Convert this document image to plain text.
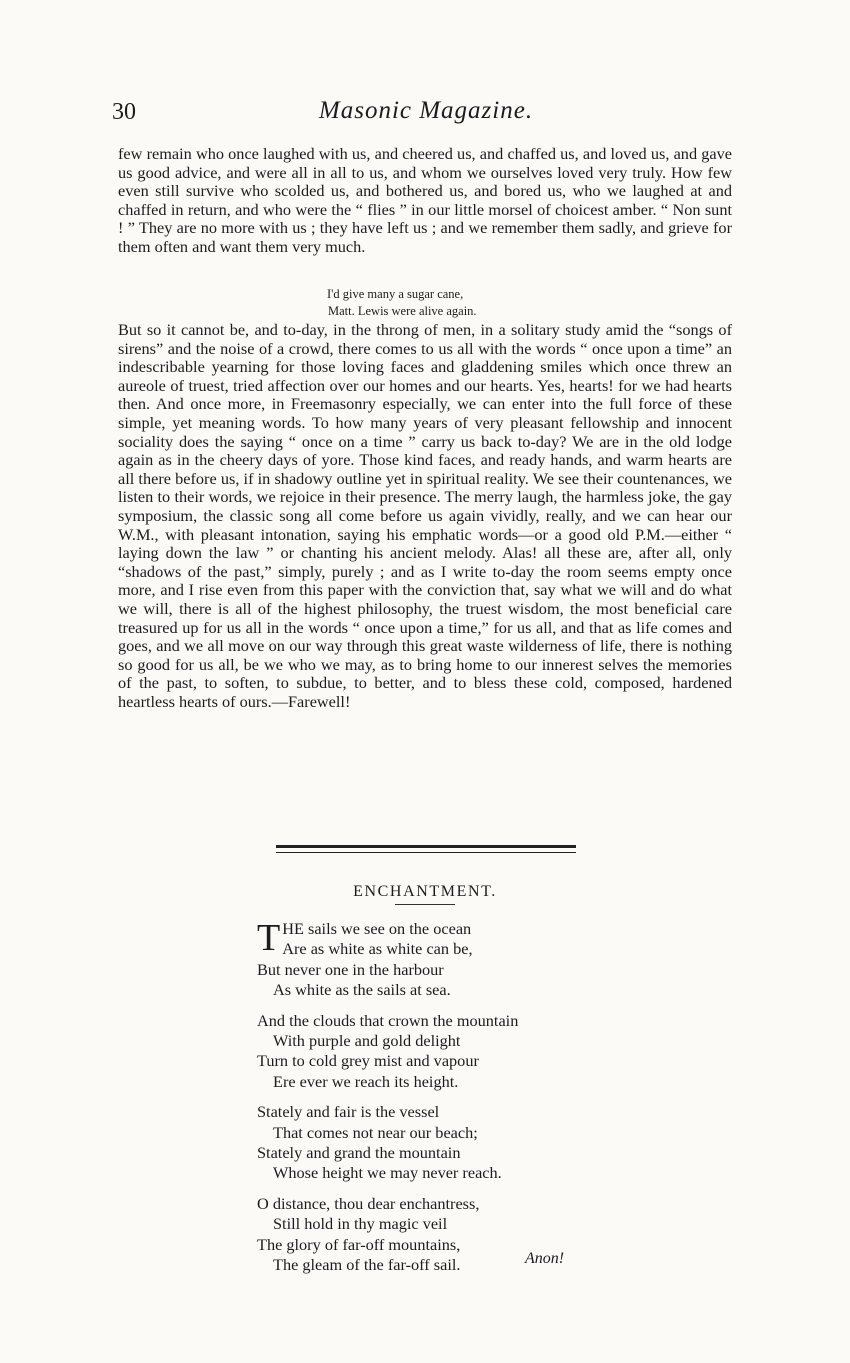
30	Masonic Magazine.

few remain who once laughed with us, and cheered us, and chaffed us, and loved us, and gave us good advice, and were all in all to us, and whom we ourselves loved very truly. How few even still survive who scolded us, and bothered us, and bored us, who we laughed at and chaffed in return, and who were the “ flies ” in our little morsel of choicest amber. “ Non sunt ! ” They are no more with us ; they have left us ; and we remember them sadly, and grieve for them often and want them very much.

I'd give many a sugar cane,
Matt. Lewis were alive again.

But so it cannot be, and to-day, in the throng of men, in a solitary study amid the “songs of sirens” and the noise of a crowd, there comes to us all with the words “ once upon a time” an indescribable yearning for those loving faces and gladdening smiles which once threw an aureole of truest, tried affection over our homes and our hearts. Yes, hearts! for we had hearts then. And once more, in Freemasonry especially, we can enter into the full force of these simple, yet meaning words. To how many years of very pleasant fellowship and innocent sociality does the saying “ once on a time ” carry us back to-day? We are in the old lodge again as in the cheery days of yore. Those kind faces, and ready hands, and warm hearts are all there before us, if in shadowy outline yet in spiritual reality. We see their countenances, we listen to their words, we rejoice in their presence. The merry laugh, the harmless joke, the gay symposium, the classic song all come before us again vividly, really, and we can hear our W.M., with pleasant intonation, saying his emphatic words—or a good old P.M.—either “ laying down the law ” or chanting his ancient melody. Alas! all these are, after all, only “shadows of the past,” simply, purely ; and as I write to-day the room seems empty once more, and I rise even from this paper with the conviction that, say what we will and do what we will, there is all of the highest philosophy, the truest wisdom, the most beneficial care treasured up for us all in the words “ once upon a time,” for us all, and that as life comes and goes, and we all move on our way through this great waste wilderness of life, there is nothing so good for us all, be we who we may, as to bring home to our innerest selves the memories of the past, to soften, to subdue, to better, and to bless these cold, composed, hardened heartless hearts of ours.—Farewell!

ENCHANTMENT.
THE sails we see on the ocean
Are as white as white can be,
But never one in the harbour
As white as the sails at sea.
And the clouds that crown the mountain
With purple and gold delight
Turn to cold grey mist and vapour
Ere ever we reach its height.
Stately and fair is the vessel
That comes not near our beach;
Stately and grand the mountain
Whose height we may never reach.
O distance, thou dear enchantress,
Still hold in thy magic veil
The glory of far-off mountains,
The gleam of the far-off sail.	Anon!
